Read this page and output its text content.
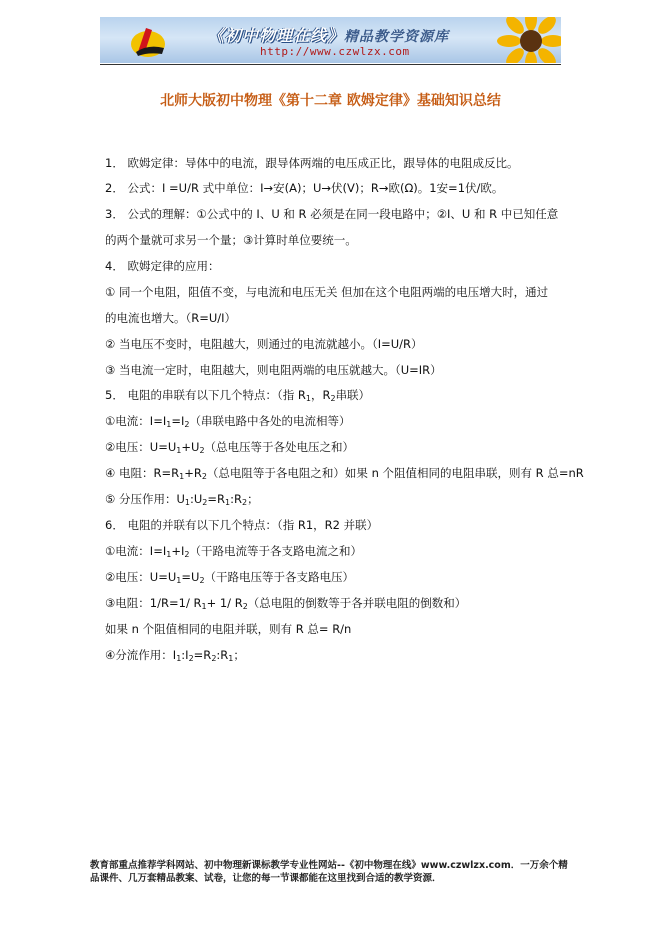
《初中物理在线》精品教学资源库
http://www.czwlzx.com
北师大版初中物理《第十二章 欧姆定律》基础知识总结
1． 欧姆定律：导体中的电流，跟导体两端的电压成正比，跟导体的电阻成反比。
2． 公式：I =U/R 式中单位：I→安(A)；U→伏(V)；R→欧(Ω)。1安=1伏/欧。
3． 公式的理解：①公式中的 I、U 和 R 必须是在同一段电路中；②I、U 和 R 中已知任意
的两个量就可求另一个量；③计算时单位要统一。
4． 欧姆定律的应用：
① 同一个电阻，阻值不变，与电流和电压无关 但加在这个电阻两端的电压增大时，通过
的电流也增大。（R=U/I）
② 当电压不变时，电阻越大，则通过的电流就越小。（I=U/R）
③ 当电流一定时，电阻越大，则电阻两端的电压就越大。（U=IR）
5． 电阻的串联有以下几个特点：（指 $R_1$，$R_2$串联）
①电流：$I=I_1=I_2$（串联电路中各处的电流相等）
②电压：$U=U_1+U_2$（总电压等于各处电压之和）
④ 电阻：$R=R_1+R_2$（总电阻等于各电阻之和）如果 n 个阻值相同的电阻串联，则有 R 总=nR
⑤ 分压作用：$U_1:U_2=R_1:R_2$；
6． 电阻的并联有以下几个特点：（指 R1，R2 并联）
①电流：$I=I_1+I_2$（干路电流等于各支路电流之和）
②电压：$U=U_1=U_2$（干路电压等于各支路电压）
③电阻：1/R=1/ $R_1+ 1/$ $R_2$（总电阻的倒数等于各并联电阻的倒数和）
如果 n 个阻值相同的电阻并联，则有 R 总= R/n
④分流作用：$I_1:I_2=R_2:R_1$；
教育部重点推荐学科网站、初中物理新课标教学专业性网站--《初中物理在线》www.czwlzx.com．一万余个精品课件、几万套精品教案、试卷，让您的每一节课都能在这里找到合适的教学资源．
